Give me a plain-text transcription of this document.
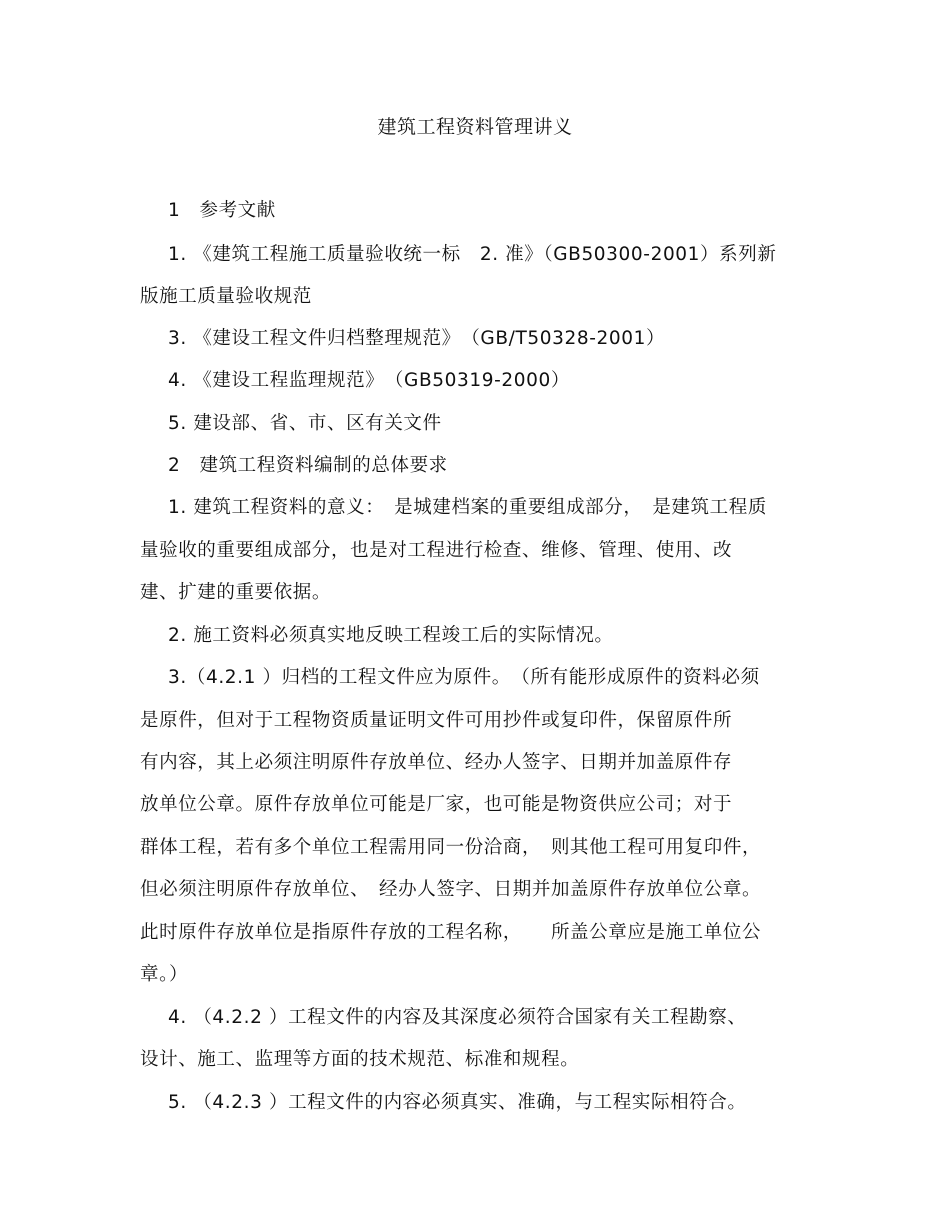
建筑工程资料管理讲义
1　参考文献
1. 《建筑工程施工质量验收统一标　2. 准》（GB50300-2001）系列新
版施工质量验收规范
3. 《建设工程文件归档整理规范》　（GB/T50328-2001）
4. 《建设工程监理规范》　（GB50319-2000）
5. 建设部、省、市、区有关文件
2　建筑工程资料编制的总体要求
1. 建筑工程资料的意义：　是城建档案的重要组成部分，　是建筑工程质
量验收的重要组成部分，也是对工程进行检查、维修、管理、使用、改
建、扩建的重要依据。
2. 施工资料必须真实地反映工程竣工后的实际情况。
3.（4.2.1 ）归档的工程文件应为原件。　（所有能形成原件的资料必须
是原件，但对于工程物资质量证明文件可用抄件或复印件，保留原件所
有内容，其上必须注明原件存放单位、经办人签字、日期并加盖原件存
放单位公章。原件存放单位可能是厂家，也可能是物资供应公司；对于
群体工程，若有多个单位工程需用同一份洽商，　则其他工程可用复印件，
但必须注明原件存放单位、　经办人签字、日期并加盖原件存放单位公章。
此时原件存放单位是指原件存放的工程名称，　　所盖公章应是施工单位公
章。）
4. （4.2.2 ）工程文件的内容及其深度必须符合国家有关工程勘察、
设计、施工、监理等方面的技术规范、标准和规程。
5. （4.2.3 ）工程文件的内容必须真实、准确，与工程实际相符合。
